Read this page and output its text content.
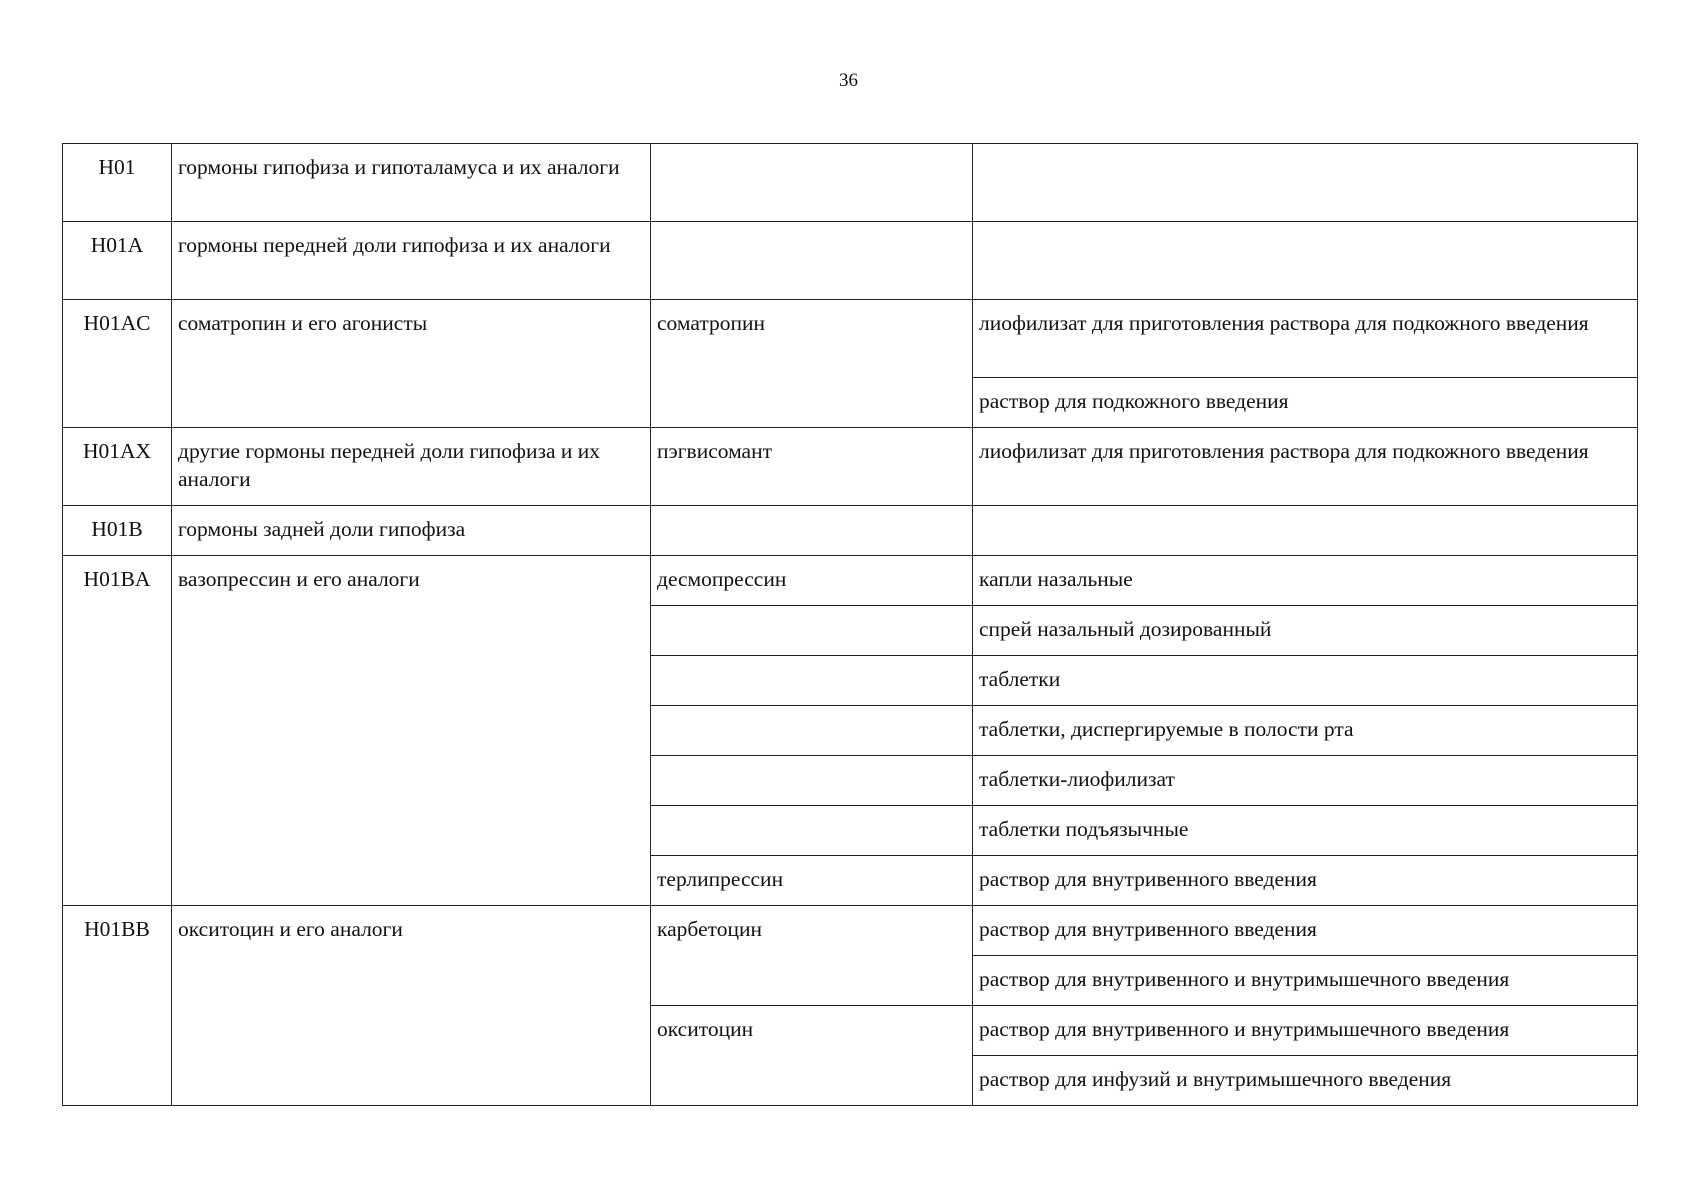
36
H01	гормоны гипофиза и гипоталамуса и их аналоги		
H01A	гормоны передней доли гипофиза и их аналоги		
H01AC	соматропин и его агонисты	соматропин	лиофилизат для приготовления раствора для подкожного введения
			раствор для подкожного введения
H01AX	другие гормоны передней доли гипофиза и их аналоги	пэгвисомант	лиофилизат для приготовления раствора для подкожного введения
H01B	гормоны задней доли гипофиза		
H01BA	вазопрессин и его аналоги	десмопрессин	капли назальные
			спрей назальный дозированный
			таблетки
			таблетки, диспергируемые в полости рта
			таблетки-лиофилизат
			таблетки подъязычные
		терлипрессин	раствор для внутривенного введения
H01BB	окситоцин и его аналоги	карбетоцин	раствор для внутривенного введения
			раствор для внутривенного и внутримышечного введения
		окситоцин	раствор для внутривенного и внутримышечного введения
			раствор для инфузий и внутримышечного введения
